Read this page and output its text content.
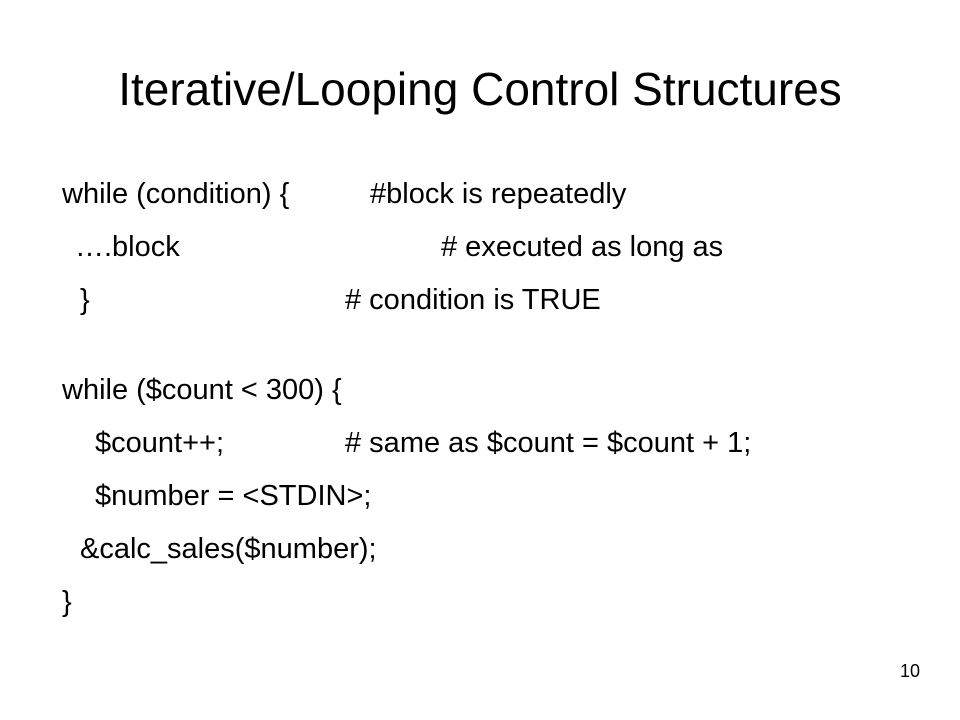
Iterative/Looping Control Structures
while (condition) {	#block is repeatedly
….block	# executed as long as
}	# condition is TRUE
while ($count < 300) {
$count++;	# same as $count = $count + 1;
$number = <STDIN>;
&calc_sales($number);
}
10
